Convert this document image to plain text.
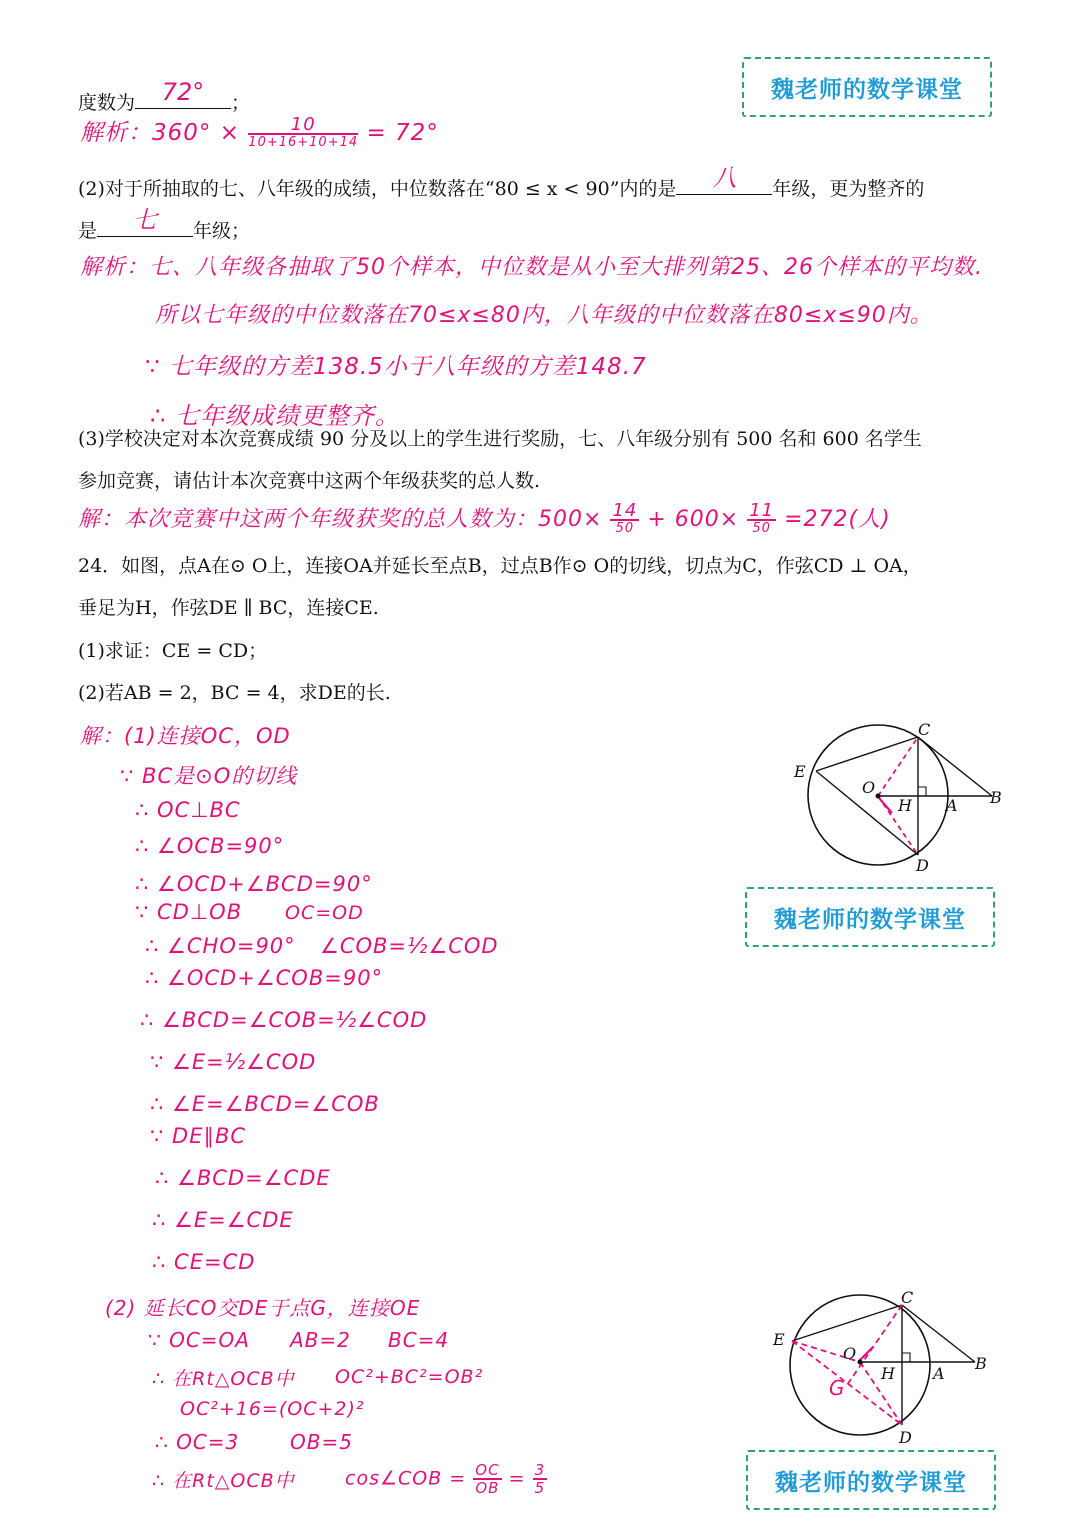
魏老师的数学课堂
度数为	72°	；
解析：$360^\circ \times \frac{10}{10+16+10+14} = 72^\circ$
(2)对于所抽取的七、八年级的成绩，中位数落在“80 ≤ x < 90”内的是	八	年级，更为整齐的
是	七	年级；
解析：七、八年级各抽取了50个样本，中位数是从小至大排列第25、26个样本的平均数.
所以七年级的中位数落在70≤x≤80内，八年级的中位数落在80≤x≤90内。
∵ 七年级的方差138.5小于八年级的方差148.7
∴ 七年级成绩更整齐。
(3)学校决定对本次竞赛成绩 90 分及以上的学生进行奖励，七、八年级分别有 500 名和 600 名学生
参加竞赛，请估计本次竞赛中这两个年级获奖的总人数.
解：本次竞赛中这两个年级获奖的总人数为：$500\times \frac{14}{50} + 600\times \frac{11}{50} =272$(人)
24．如图，点A在⊙ O上，连接OA并延长至点B，过点B作⊙ O的切线，切点为C，作弦CD ⊥ OA，
垂足为H，作弦DE ∥ BC，连接CE.
(1)求证：CE = CD；
(2)若AB = 2，BC = 4，求DE的长.
解：(1)连接OC，OD
∵ BC是⊙O的切线
∴ OC⊥BC
∴ ∠OCB=90°
∴ ∠OCD+∠BCD=90°
∵ CD⊥OB OC=OD
∴ ∠CHO=90° ∠COB=½∠COD
∴ ∠OCD+∠COB=90°
∴ ∠BCD=∠COB=½∠COD
∵ ∠E=½∠COD
∴ ∠E=∠BCD=∠COB
∵ DE∥BC
∴ ∠BCD=∠CDE
∴ ∠E=∠CDE
∴ CE=CD
(2) 延长CO交DE于点G，连接OE
∵ OC=OA AB=2 BC=4
∴ 在Rt△OCB中 OC²+BC²=OB²
OC²+16=(OC+2)²
∴ OC=3	OB=5
∴ 在Rt△OCB中	cos∠COB = $\frac{OC}{OB} = \frac{3}{5}$
C
E
O
H A B
D
魏老师的数学课堂
C
E
O
H A
B
D
G
魏老师的数学课堂
